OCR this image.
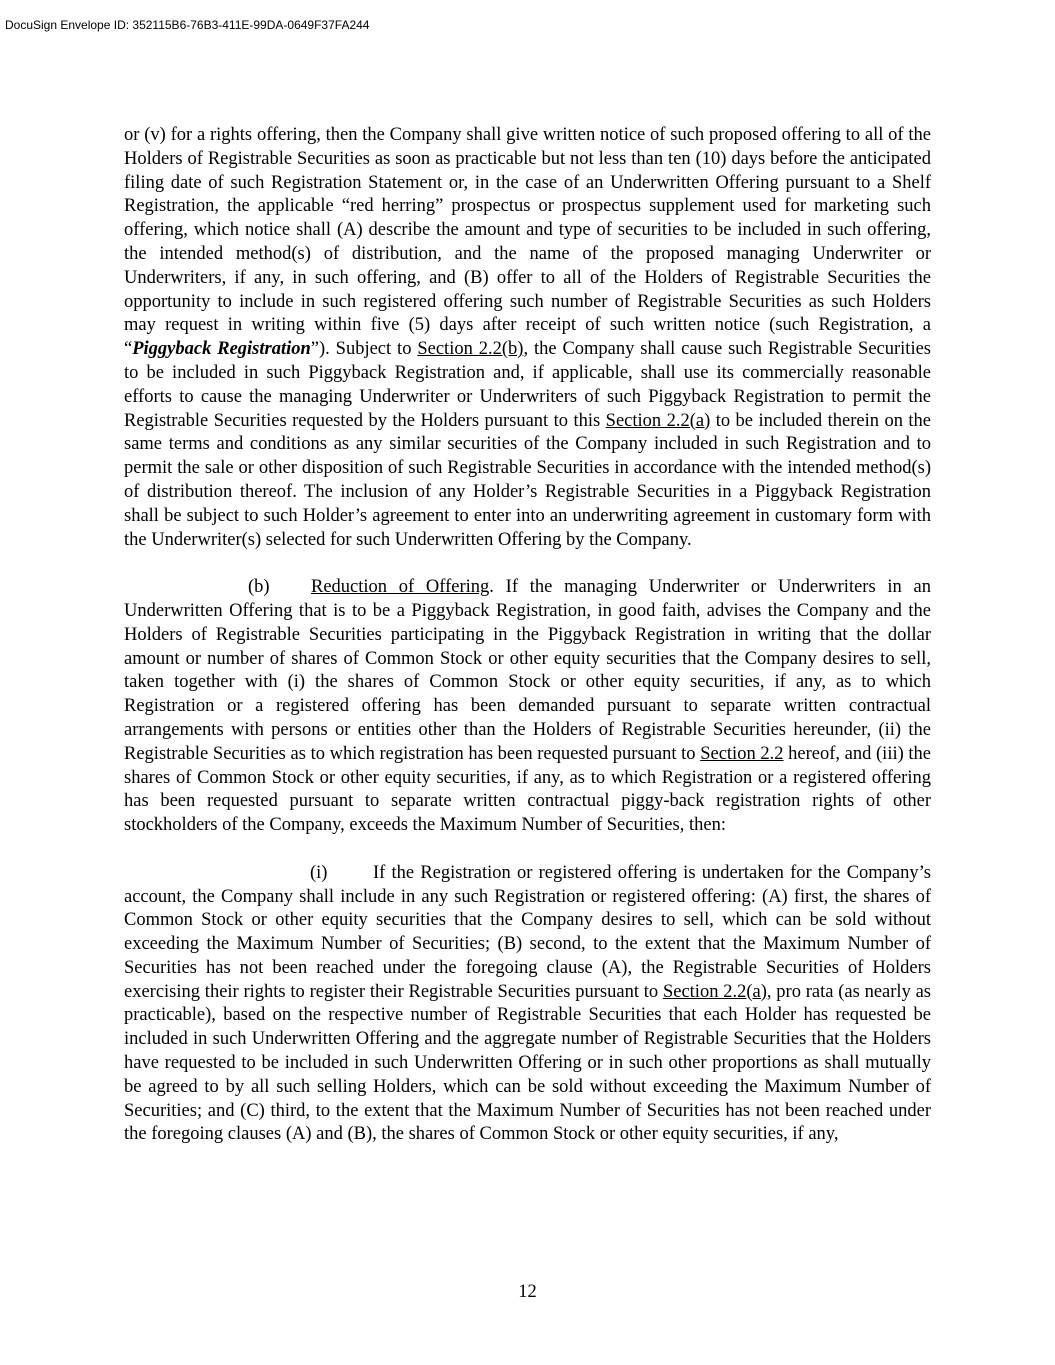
DocuSign Envelope ID: 352115B6-76B3-411E-99DA-0649F37FA244

or (v) for a rights offering, then the Company shall give written notice of such proposed offering to all of the Holders of Registrable Securities as soon as practicable but not less than ten (10) days before the anticipated filing date of such Registration Statement or, in the case of an Underwritten Offering pursuant to a Shelf Registration, the applicable “red herring” prospectus or prospectus supplement used for marketing such offering, which notice shall (A) describe the amount and type of securities to be included in such offering, the intended method(s) of distribution, and the name of the proposed managing Underwriter or Underwriters, if any, in such offering, and (B) offer to all of the Holders of Registrable Securities the opportunity to include in such registered offering such number of Registrable Securities as such Holders may request in writing within five (5) days after receipt of such written notice (such Registration, a “Piggyback Registration”). Subject to Section 2.2(b), the Company shall cause such Registrable Securities to be included in such Piggyback Registration and, if applicable, shall use its commercially reasonable efforts to cause the managing Underwriter or Underwriters of such Piggyback Registration to permit the Registrable Securities requested by the Holders pursuant to this Section 2.2(a) to be included therein on the same terms and conditions as any similar securities of the Company included in such Registration and to permit the sale or other disposition of such Registrable Securities in accordance with the intended method(s) of distribution thereof. The inclusion of any Holder’s Registrable Securities in a Piggyback Registration shall be subject to such Holder’s agreement to enter into an underwriting agreement in customary form with the Underwriter(s) selected for such Underwritten Offering by the Company.

(b) Reduction of Offering. If the managing Underwriter or Underwriters in an Underwritten Offering that is to be a Piggyback Registration, in good faith, advises the Company and the Holders of Registrable Securities participating in the Piggyback Registration in writing that the dollar amount or number of shares of Common Stock or other equity securities that the Company desires to sell, taken together with (i) the shares of Common Stock or other equity securities, if any, as to which Registration or a registered offering has been demanded pursuant to separate written contractual arrangements with persons or entities other than the Holders of Registrable Securities hereunder, (ii) the Registrable Securities as to which registration has been requested pursuant to Section 2.2 hereof, and (iii) the shares of Common Stock or other equity securities, if any, as to which Registration or a registered offering has been requested pursuant to separate written contractual piggy-back registration rights of other stockholders of the Company, exceeds the Maximum Number of Securities, then:

(i) If the Registration or registered offering is undertaken for the Company’s account, the Company shall include in any such Registration or registered offering: (A) first, the shares of Common Stock or other equity securities that the Company desires to sell, which can be sold without exceeding the Maximum Number of Securities; (B) second, to the extent that the Maximum Number of Securities has not been reached under the foregoing clause (A), the Registrable Securities of Holders exercising their rights to register their Registrable Securities pursuant to Section 2.2(a), pro rata (as nearly as practicable), based on the respective number of Registrable Securities that each Holder has requested be included in such Underwritten Offering and the aggregate number of Registrable Securities that the Holders have requested to be included in such Underwritten Offering or in such other proportions as shall mutually be agreed to by all such selling Holders, which can be sold without exceeding the Maximum Number of Securities; and (C) third, to the extent that the Maximum Number of Securities has not been reached under the foregoing clauses (A) and (B), the shares of Common Stock or other equity securities, if any,

12
